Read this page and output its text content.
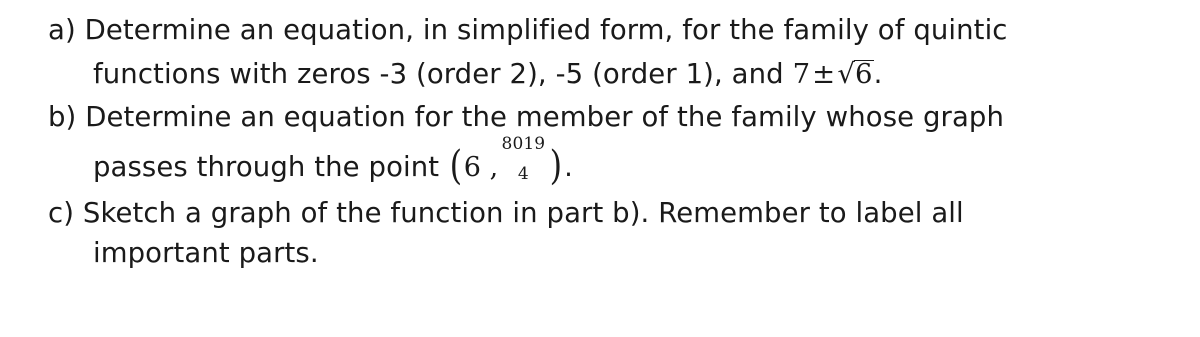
a) Determine an equation, in simplified form, for the family of quintic
functions with zeros -3 (order 2), -5 (order 1), and 7±√6.
b) Determine an equation for the member of the family whose graph
passes through the point (6 ,
8019
4 ).
c) Sketch a graph of the function in part b). Remember to label all
important parts.
